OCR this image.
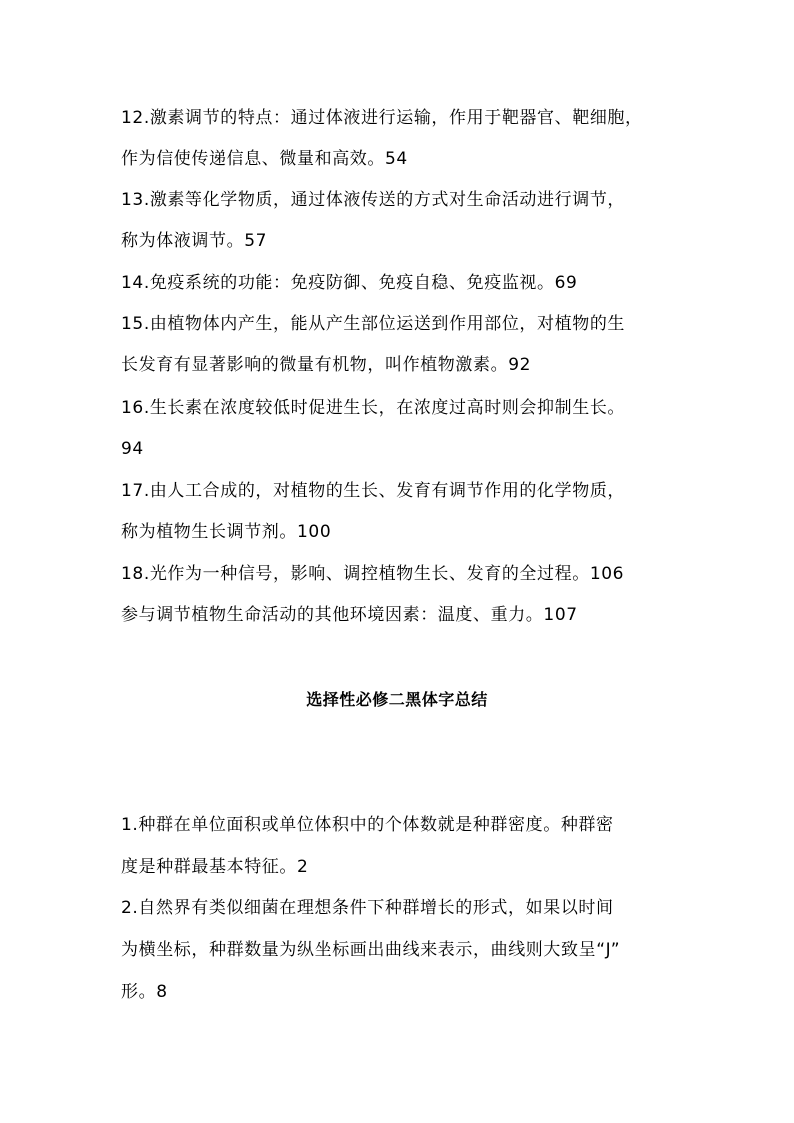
12.激素调节的特点：通过体液进行运输，作用于靶器官、靶细胞，
作为信使传递信息、微量和高效。54
13.激素等化学物质，通过体液传送的方式对生命活动进行调节，
称为体液调节。57
14.免疫系统的功能：免疫防御、免疫自稳、免疫监视。69
15.由植物体内产生，能从产生部位运送到作用部位，对植物的生
长发育有显著影响的微量有机物，叫作植物激素。92
16.生长素在浓度较低时促进生长，在浓度过高时则会抑制生长。
94
17.由人工合成的，对植物的生长、发育有调节作用的化学物质，
称为植物生长调节剂。100
18.光作为一种信号，影响、调控植物生长、发育的全过程。106
参与调节植物生命活动的其他环境因素：温度、重力。107
选择性必修二黑体字总结
1.种群在单位面积或单位体积中的个体数就是种群密度。种群密
度是种群最基本特征。2
2.自然界有类似细菌在理想条件下种群增长的形式，如果以时间
为横坐标，种群数量为纵坐标画出曲线来表示，曲线则大致呈“J”
形。8
